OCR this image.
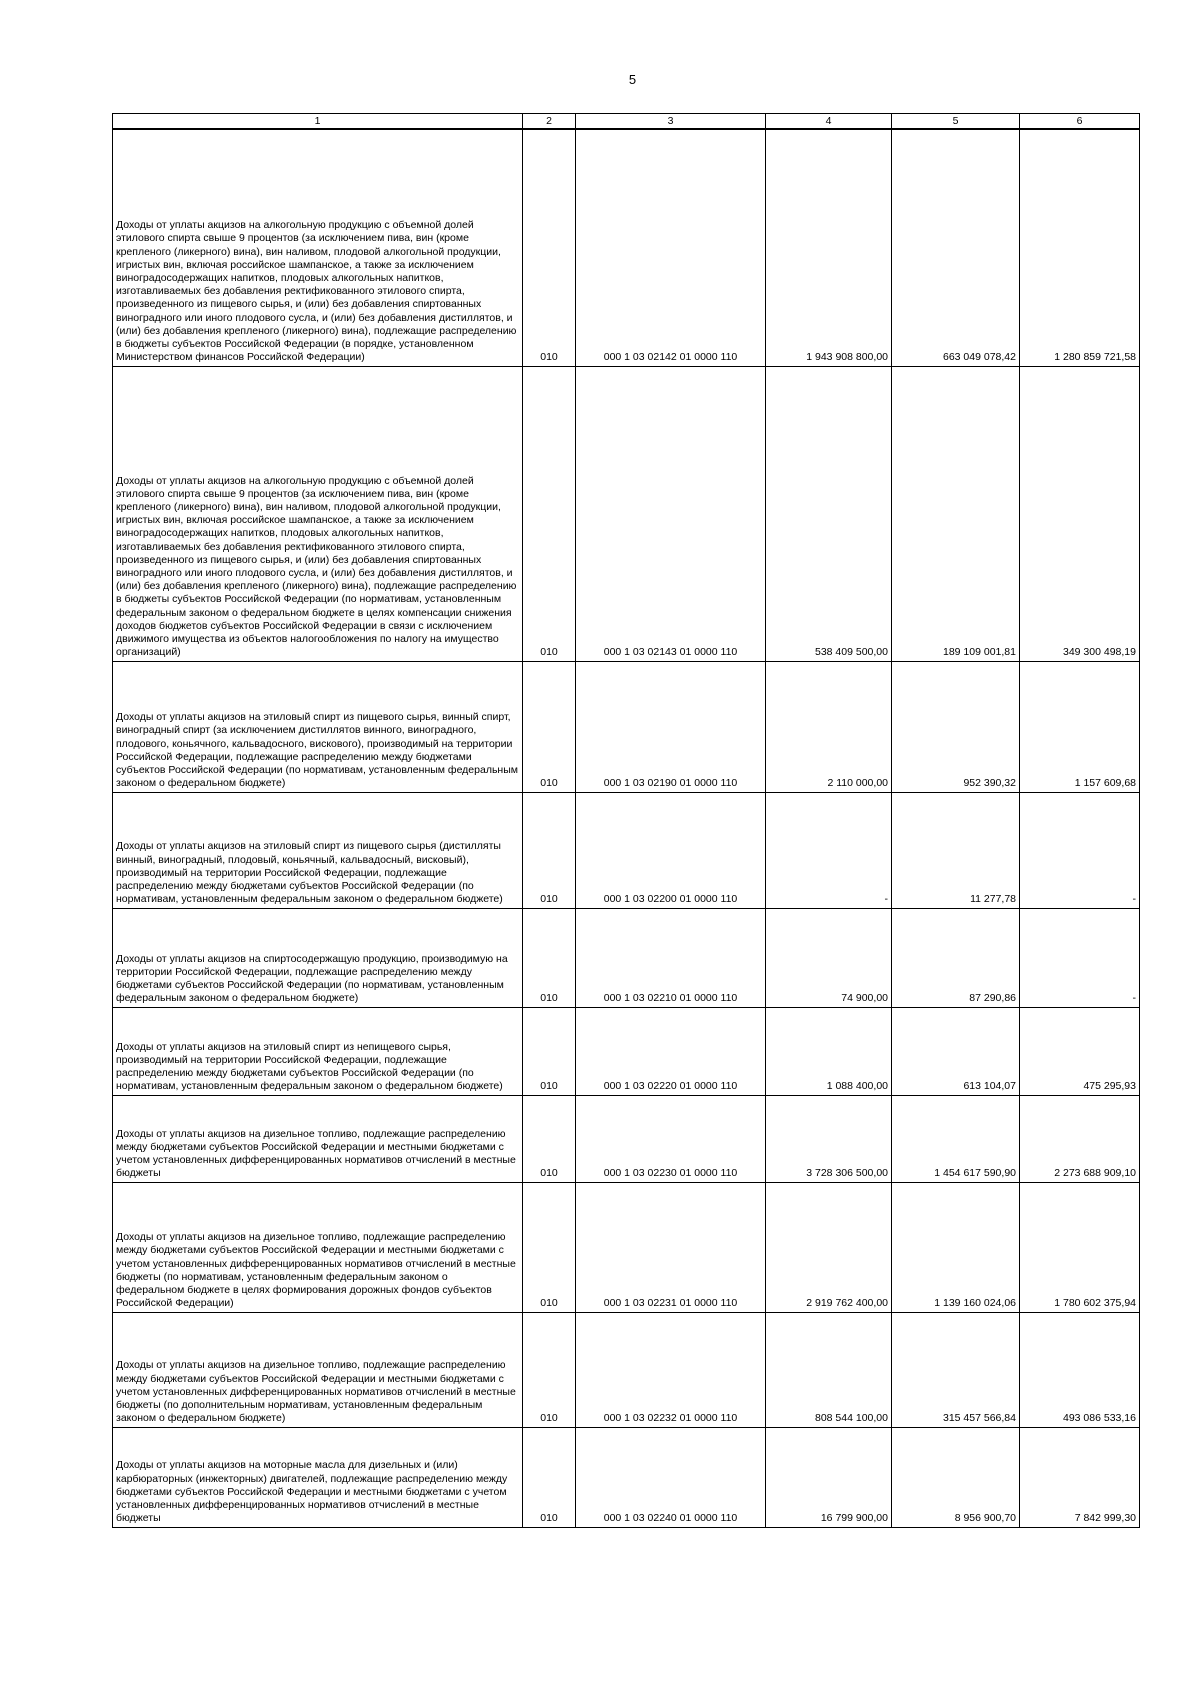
5
1	2	3	4	5	6
Доходы от уплаты акцизов на алкогольную продукцию с объемной долей этилового спирта свыше 9 процентов (за исключением пива, вин (кроме крепленого (ликерного) вина), вин наливом, плодовой алкогольной продукции, игристых вин, включая российское шампанское, а также за исключением виноградосодержащих напитков, плодовых алкогольных напитков, изготавливаемых без добавления ректификованного этилового спирта, произведенного из пищевого сырья, и (или) без добавления спиртованных виноградного или иного плодового сусла, и (или) без добавления дистиллятов, и (или) без добавления крепленого (ликерного) вина), подлежащие распределению в бюджеты субъектов Российской Федерации (в порядке, установленном Министерством финансов Российской Федерации)	010	000 1 03 02142 01 0000 110	1 943 908 800,00	663 049 078,42	1 280 859 721,58
Доходы от уплаты акцизов на алкогольную продукцию с объемной долей этилового спирта свыше 9 процентов (за исключением пива, вин (кроме крепленого (ликерного) вина), вин наливом, плодовой алкогольной продукции, игристых вин, включая российское шампанское, а также за исключением виноградосодержащих напитков, плодовых алкогольных напитков, изготавливаемых без добавления ректификованного этилового спирта, произведенного из пищевого сырья, и (или) без добавления спиртованных виноградного или иного плодового сусла, и (или) без добавления дистиллятов, и (или) без добавления крепленого (ликерного) вина), подлежащие распределению в бюджеты субъектов Российской Федерации (по нормативам, установленным федеральным законом о федеральном бюджете в целях компенсации снижения доходов бюджетов субъектов Российской Федерации в связи с исключением движимого имущества из объектов налогообложения по налогу на имущество организаций)	010	000 1 03 02143 01 0000 110	538 409 500,00	189 109 001,81	349 300 498,19
Доходы от уплаты акцизов на этиловый спирт из пищевого сырья, винный спирт, виноградный спирт (за исключением дистиллятов винного, виноградного, плодового, коньячного, кальвадосного, вискового), производимый на территории Российской Федерации, подлежащие распределению между бюджетами субъектов Российской Федерации (по нормативам, установленным федеральным законом о федеральном бюджете)	010	000 1 03 02190 01 0000 110	2 110 000,00	952 390,32	1 157 609,68
Доходы от уплаты акцизов на этиловый спирт из пищевого сырья (дистилляты винный, виноградный, плодовый, коньячный, кальвадосный, висковый), производимый на территории Российской Федерации, подлежащие распределению между бюджетами субъектов Российской Федерации (по нормативам, установленным федеральным законом о федеральном бюджете)	010	000 1 03 02200 01 0000 110	-	11 277,78	-
Доходы от уплаты акцизов на спиртосодержащую продукцию, производимую на территории Российской Федерации, подлежащие распределению между бюджетами субъектов Российской Федерации (по нормативам, установленным федеральным законом о федеральном бюджете)	010	000 1 03 02210 01 0000 110	74 900,00	87 290,86	-
Доходы от уплаты акцизов на этиловый спирт из непищевого сырья, производимый на территории Российской Федерации, подлежащие распределению между бюджетами субъектов Российской Федерации (по нормативам, установленным федеральным законом о федеральном бюджете)	010	000 1 03 02220 01 0000 110	1 088 400,00	613 104,07	475 295,93
Доходы от уплаты акцизов на дизельное топливо, подлежащие распределению между бюджетами субъектов Российской Федерации и местными бюджетами с учетом установленных дифференцированных нормативов отчислений в местные бюджеты	010	000 1 03 02230 01 0000 110	3 728 306 500,00	1 454 617 590,90	2 273 688 909,10
Доходы от уплаты акцизов на дизельное топливо, подлежащие распределению между бюджетами субъектов Российской Федерации и местными бюджетами с учетом установленных дифференцированных нормативов отчислений в местные бюджеты (по нормативам, установленным федеральным законом о федеральном бюджете в целях формирования дорожных фондов субъектов Российской Федерации)	010	000 1 03 02231 01 0000 110	2 919 762 400,00	1 139 160 024,06	1 780 602 375,94
Доходы от уплаты акцизов на дизельное топливо, подлежащие распределению между бюджетами субъектов Российской Федерации и местными бюджетами с учетом установленных дифференцированных нормативов отчислений в местные бюджеты (по дополнительным нормативам, установленным федеральным законом о федеральном бюджете)	010	000 1 03 02232 01 0000 110	808 544 100,00	315 457 566,84	493 086 533,16
Доходы от уплаты акцизов на моторные масла для дизельных и (или) карбюраторных (инжекторных) двигателей, подлежащие распределению между бюджетами субъектов Российской Федерации и местными бюджетами с учетом установленных дифференцированных нормативов отчислений в местные бюджеты	010	000 1 03 02240 01 0000 110	16 799 900,00	8 956 900,70	7 842 999,30
